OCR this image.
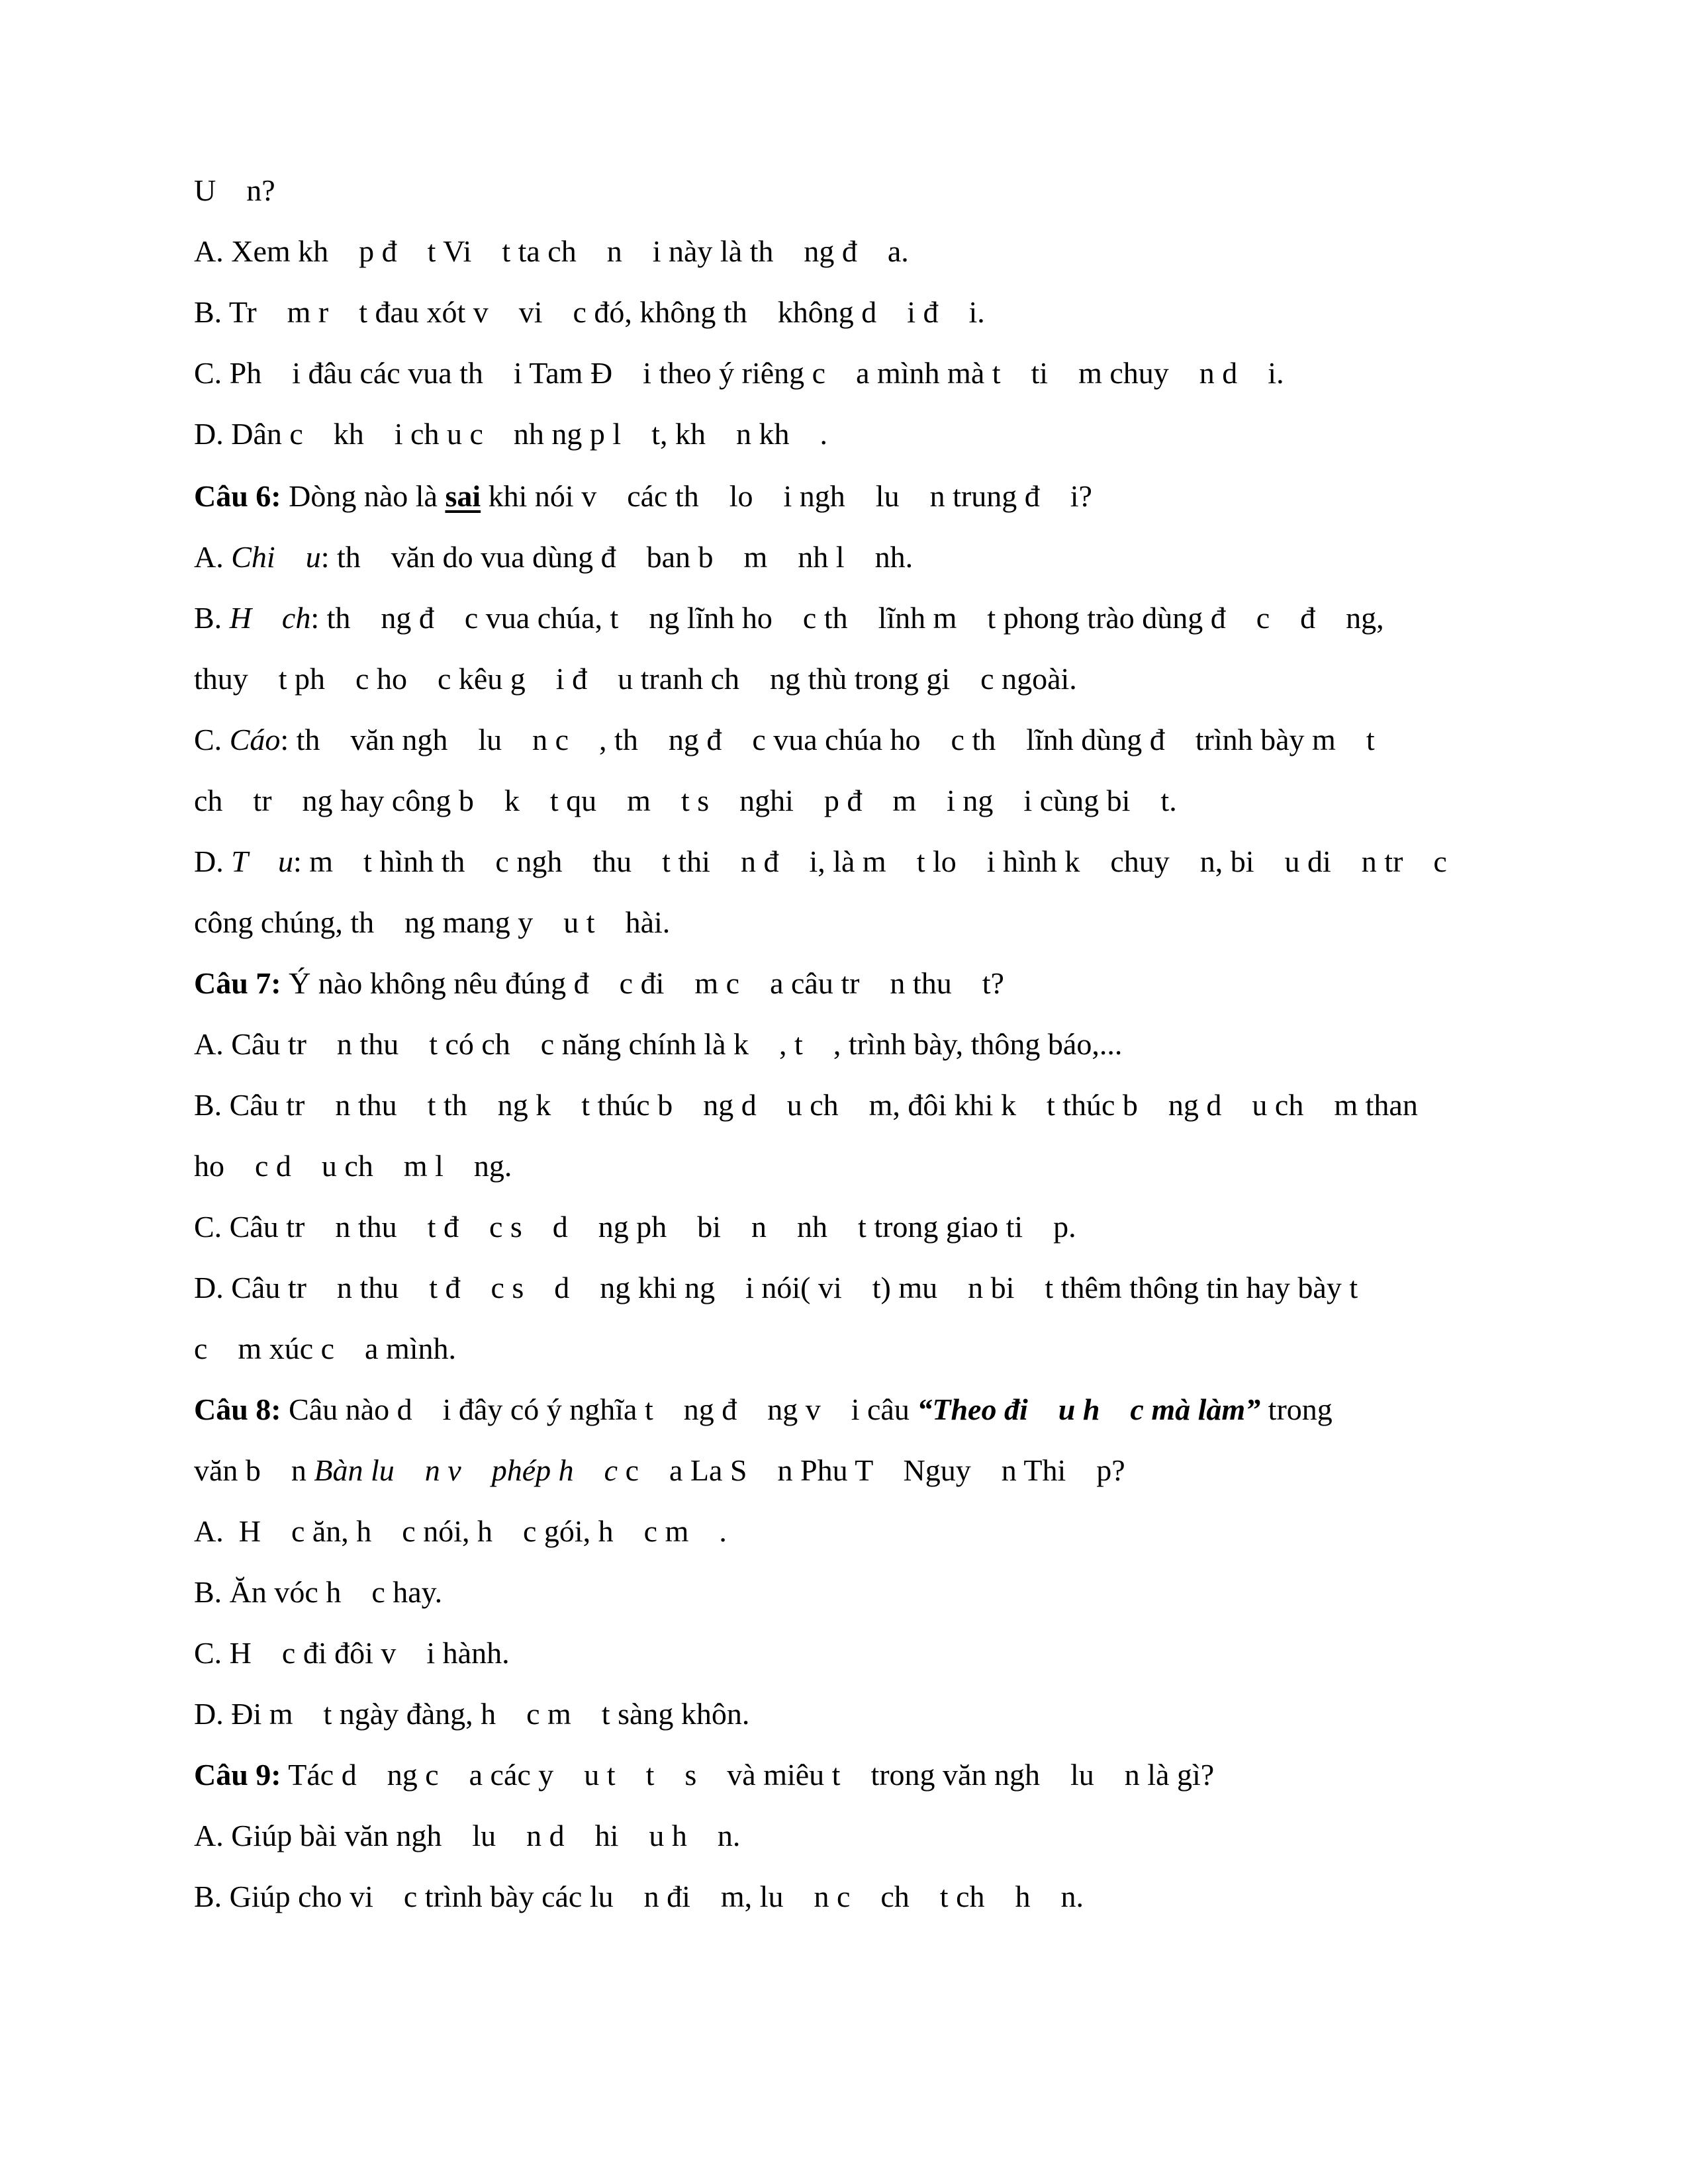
U    n?
A. Xem kh    p đ    t Vi    t ta ch    n    i này là th    ng đ    a.
B. Tr    m r    t đau xót v    vi    c đó, không th    không d    i đ    i.
C. Ph    i đâu các vua th    i Tam Đ    i theo ý riêng c    a mình mà t    ti    m chuy    n d    i.
D. Dân c    kh    i ch u c    nh ng p l    t, kh    n kh    .
Câu 6: Dòng nào là sai khi nói v    các th    lo    i ngh    lu    n trung đ    i?
A. Chi    u: th    văn do vua dùng đ    ban b    m    nh l    nh.
B. H    ch: th    ng đ    c vua chúa, t    ng lĩnh ho    c th    lĩnh m    t phong trào dùng đ    c    đ    ng,
thuy    t ph    c ho    c kêu g    i đ    u tranh ch    ng thù trong gi    c ngoài.
C. Cáo: th    văn ngh    lu    n c    , th    ng đ    c vua chúa ho    c th    lĩnh dùng đ    trình bày m    t
ch    tr    ng hay công b    k    t qu    m    t s    nghi    p đ    m    i ng    i cùng bi    t.
D. T    u: m    t hình th    c ngh    thu    t thi    n đ    i, là m    t lo    i hình k    chuy    n, bi    u di    n tr    c
công chúng, th    ng mang y    u t    hài.
Câu 7: Ý nào không nêu đúng đ    c đi    m c    a câu tr    n thu    t?
A. Câu tr    n thu    t có ch    c năng chính là k    , t    , trình bày, thông báo,...
B. Câu tr    n thu    t th    ng k    t thúc b    ng d    u ch    m, đôi khi k    t thúc b    ng d    u ch    m than
ho    c d    u ch    m l    ng.
C. Câu tr    n thu    t đ    c s    d    ng ph    bi    n    nh    t trong giao ti    p.
D. Câu tr    n thu    t đ    c s    d    ng khi ng    i nói( vi    t) mu    n bi    t thêm thông tin hay bày t
c    m xúc c    a mình.
Câu 8: Câu nào d    i đây có ý nghĩa t    ng đ    ng v    i câu “Theo đi    u h    c mà làm” trong
văn b    n Bàn lu    n v    phép h    c c    a La S    n Phu T    Nguy    n Thi    p?
A.  H    c ăn, h    c nói, h    c gói, h    c m    .
B. Ăn vóc h    c hay.
C. H    c đi đôi v    i hành.
D. Đi m    t ngày đàng, h    c m    t sàng khôn.
Câu 9: Tác d    ng c    a các y    u t    t    s    và miêu t    trong văn ngh    lu    n là gì?
A. Giúp bài văn ngh    lu    n d    hi    u h    n.
B. Giúp cho vi    c trình bày các lu    n đi    m, lu    n c    ch    t ch    h    n.
